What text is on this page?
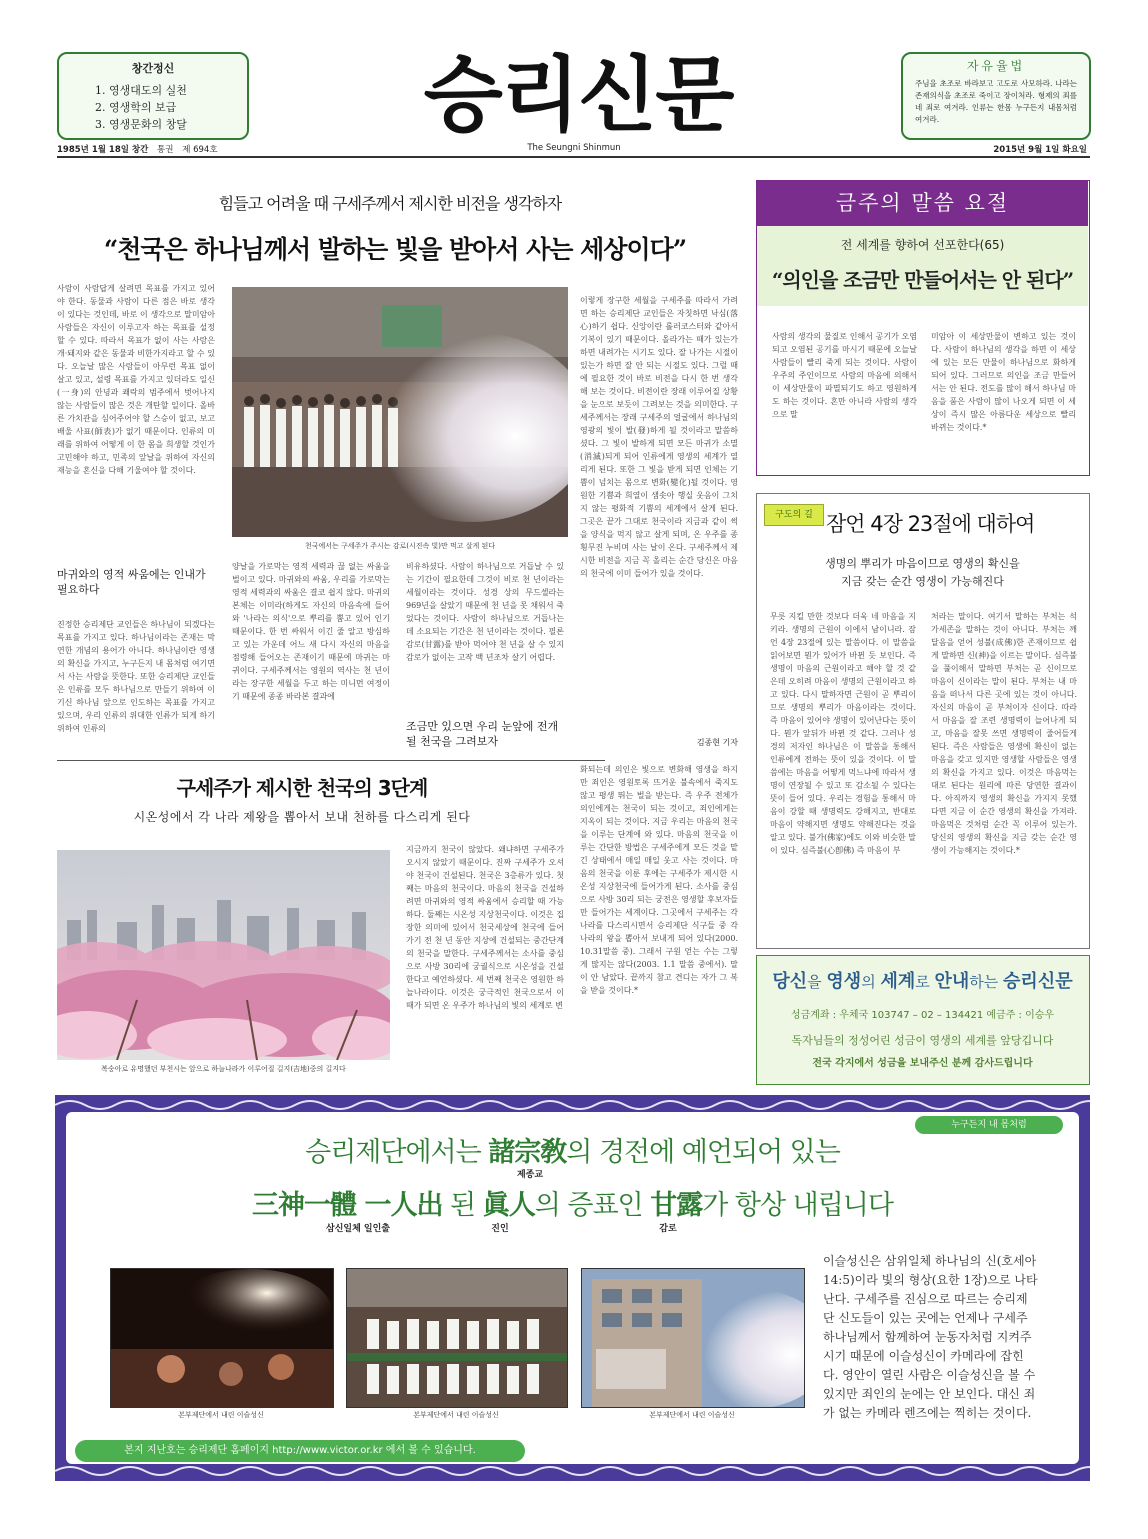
창간정신
1. 영생대도의 실천
2. 영생학의 보급
3. 영생문화의 창달	승리신문	자유율법
주님을 초조로 바라보고 고도로 사모하라. 나라는 존재의식을 초조로 죽이고 장이처라. 형제의 죄를 네 죄로 여겨라. 인류는 한몸 누구든지 내몸처럼 여겨라.
1985년 1월 18일 창간 통권 제 694호	The Seungni Shinmun	2015년 9월 1일 화요일
힘들고 어려울 때 구세주께서 제시한 비전을 생각하자
“천국은 하나님께서 발하는 빛을 받아서 사는 세상이다”
사람이 사람답게 살려면 목표를 가지고 있어야 한다. 동물과 사람이 다른 점은 바로 생각이 있다는 것인데, 바로 이 생각으로 말미암아 사람들은 자신이 이루고자 하는 목표를 설정할 수 있다. 따라서 목표가 없이 사는 사람은 개·돼지와 같은 동물과 비한가지라고 할 수 있다. 오늘날 많은 사람들이 아무런 목표 없이 살고 있고, 설령 목표를 가지고 있더라도 일신(一身)의 안녕과 쾌락의 범주에서 벗어나지 않는 사람들이 많은 것은 개탄할 일이다. 올바른 가치관을 심어주어야 할 스승이 없고, 보고 배울 사표(師表)가 없기 때문이다. 인류의 미래를 위하여 어떻게 이 한 몸을 희생할 것인가 고민해야 하고, 민족의 앞날을 위하여 자신의 재능을 혼신을 다해 기울여야 할 것이다.
천국에서는 구세주가 주시는 감로(시진속 빛)만 먹고 살게 된다
이렇게 장구한 세월을 구세주를 따라서 가려면 하는 승리제단 교인들은 자칫하면 낙심(落心)하기 쉽다. 신앙이란 롤러코스터와 같아서 기복이 있기 때문이다. 올라가는 때가 있는가 하면 내려가는 시기도 있다. 잘 나가는 시절이 있는가 하면 잘 안 되는 시절도 있다. 그럴 때에 필요한 것이 바로 비전을 다시 한 번 생각해 보는 것이다. 비전이란 장래 이루어질 상황을 눈으로 보듯이 그려보는 것을 의미한다. 구세주께서는 장래 구세주의 얼굴에서 하나님의 영광의 빛이 발(發)하게 될 것이라고 말씀하셨다. 그 빛이 발하게 되면 모든 마귀가 소멸(消滅)되게 되어 인류에게 영생의 세계가 열리게 된다. 또한 그 빛을 받게 되면 인체는 기쁨이 넘치는 몸으로 변화(變化)될 것이다. 영원한 기쁨과 희열이 샘솟아 행실 웃음이 그치지 않는 평화적 기쁨의 세계에서 살게 된다. 그곳은 끝가 그대로 천국이라 지금과 같이 썩을 양식을 먹지 않고 살게 되며, 온 우주를 종횡무진 누비며 사는 날이 온다. 구세주께서 제시한 비전을 지금 꼭 올리는 순간 당신은 마음의 천국에 이미 들어가 있을 것이다.
김종현 기자
마귀와의 영적 싸움에는 인내가 필요하다
진정한 승리제단 교인들은 하나님이 되겠다는 목표를 가지고 있다. 하나님이라는 존재는 막연한 개념의 용어가 아니다. 하나님이란 영생의 확신을 가지고, 누구든지 내 몸처럼 여기면서 사는 사람을 뜻한다. 또한 승리제단 교인들은 인류를 모두 하나님으로 만들기 위하여 이기신 하나님 앞으로 인도하는 목표를 가지고 있으며, 우리 인류의 위대한 인류가 되게 하기 위하여 인류의
양날을 가로막는 영적 세력과 끊 없는 싸움을 벌이고 있다. 마귀와의 싸움, 우리를 가로막는 영적 세력과의 싸움은 결코 쉽지 않다. 마귀의 본체는 이미라(하게도 자신의 마음속에 들어와 '나라는 의식'으로 뿌리를 뿜고 있어 인기 때문이다. 한 번 싸워서 이긴 줄 알고 방심하고 있는 가운데 어느 새 다시 자신의 마음을 점령해 들어오는 존재이기 때문에 마귀는 마귀이다. 구세주께서는 영원의 역사는 천 년이라는 장구한 세월을 두고 하는 미니먼 여정이기 때문에 종종 바라본 결과에
비유하셨다. 사람이 하나님으로 거듭날 수 있는 기간이 필요한데 그것이 비로 천 년이라는 세월이라는 것이다. 성경 상의 무드셀라는 969년을 살았기 때문에 천 년을 못 채워서 죽었다는 것이다. 사람이 하나님으로 거듭나는 데 소요되는 기간은 천 년이라는 것이다. 필론 감로(甘露)를 받아 먹어야 천 년을 살 수 있지 감로가 없이는 고작 백 년조차 살기 어렵다.
조금만 있으면 우리 눈앞에 전개될 천국을 그려보자
금주의 말씀 요절
전 세계를 향하여 선포한다(65)
“의인을 조금만 만들어서는 안 된다”
사람의 생각의 물질로 인해서 공기가 오염되고 오염된 공기를 마시기 때문에 오늘날 사람들이 빨리 죽게 되는 것이다. 사람이 우주의 주인이므로 사람의 마음에 의해서 이 세상만물이 파멸되기도 하고 영원하게도 하는 것이다. 혼만 아니라 사람의 생각으로 말
미암아 이 세상만물이 변하고 있는 것이다. 사람이 하나님의 생각을 하면 이 세상에 있는 모든 만물이 하나님으로 화하게 되어 있다. 그러므로 의인을 조금 만들어서는 안 된다. 전도를 많이 해서 하나님 마음을 품은 사람이 많이 나오게 되면 이 세상이 즉시 많은 아름다운 세상으로 빨리 바뀌는 것이다.*
구도의 길 잠언 4장 23절에 대하여
생명의 뿌리가 마음이므로 영생의 확신을
지금 갖는 순간 영생이 가능해진다
무릇 지킬 만한 것보다 더욱 네 마음을 지키라. 생명의 근원이 이에서 남이니라. 잠언 4장 23절에 있는 말씀이다. 이 말씀을 읽어보면 뭔가 있어가 바뀐 듯 보인다. 즉 생명이 마음의 근원이라고 해야 할 것 같은데 오히려 마음이 생명의 근원이라고 하고 있다. 다시 말하자면 근원이 곧 뿌리이므로 생명의 뿌리가 마음이라는 것이다. 즉 마음이 있어야 생명이 있어난다는 뜻이다. 뭔가 앞뒤가 바뀐 것 같다. 그러나 성경의 저자인 하나님은 이 말씀을 통해서 인류에게 전하는 뜻이 있을 것이다. 이 말씀에는 마음을 어떻게 먹느냐에 따라서 생명이 연장될 수 있고 또 감소될 수 있다는 뜻이 들어 있다. 우리는 경험을 통해서 마음이 강할 때 생명력도 강해지고, 반대로 마음이 약해지면 생명도 약해진다는 것을 알고 있다. 불가(佛家)에도 이와 비슷한 말이 있다. 심즉불(心卽佛) 즉 마음이 부
처라는 말이다. 여기서 말하는 부처는 석가세존을 말하는 것이 아니다. 부처는 깨달음을 얻어 성불(成佛)한 존재이므로 쉽게 말하면 신(神)을 이르는 말이다. 심즉불을 풀이해서 말하면 부처는 곧 신이므로 마음이 신이라는 말이 된다. 부처는 내 마음을 떠나서 다른 곳에 있는 것이 아니다. 자신의 마음이 곧 부처이자 신이다. 따라서 마음을 잘 조련 생명력이 늘어나게 되고, 마음을 잘못 쓰면 생명력이 줄어들게 된다. 즉은 사람들은 영생에 확신이 없는 마음을 갖고 있지만 영생할 사람들은 영생의 확신을 가지고 있다. 이것은 마음먹는 대로 된다는 원리에 따른 당연한 결과이다. 아직까지 영생의 확신을 가지지 못했다면 지금 이 순간 영생의 확신을 가져라. 마음먹은 것처럼 순간 꼭 이루어 있는가. 당신의 영생의 확신을 지금 갖는 순간 영생이 가능해지는 것이다.*
구세주가 제시한 천국의 3단계
시온성에서 각 나라 제왕을 뽑아서 보내 천하를 다스리게 된다
복숭아로 유명했던 부천시는 앞으로 하늘나라가 이루어질 길지(吉地)중의 길지다
지금까지 천국이 않았다. 왜냐하면 구세주가 오시지 않았기 때문이다. 진짜 구세주가 오셔야 천국이 건설된다. 천국은 3층류가 있다. 첫째는 마음의 천국이다. 마음의 천국을 건설하려면 마귀와의 영적 싸움에서 승리할 때 가능하다. 둘째는 시온성 지상천국이다. 이것은 집장한 의미에 있어서 천국세상에 천국에 들어가기 전 천 년 동안 지상에 건설되는 중간단계의 천국을 말한다. 구세주께서는 소사를 중심으로 사방 30리에 궁궐식으로 시온성을 건설한다고 예언하셨다. 세 번째 천국은 영원한 하늘나라이다. 이것은 궁극적인 천국으로서 이때가 되면 온 우주가 하나님의 빛의 세계로 변
화되는데 의인은 빛으로 변화해 영생을 하지만 죄인은 영원토록 뜨거운 불속에서 죽지도 않고 평생 뛰는 벌을 받는다. 즉 우주 전체가 의인에게는 천국이 되는 것이고, 죄인에게는 지옥이 되는 것이다. 지금 우리는 마음의 천국을 이루는 단계에 와 있다. 마음의 천국을 이루는 간단한 방법은 구세주에게 모든 것을 맡긴 상태에서 매일 매일 웃고 사는 것이다. 마음의 천국을 이룬 후에는 구세주가 제시한 시온성 지상천국에 들어가게 된다. 소사를 중심으로 사방 30리 되는 궁전은 영생할 후보자들만 들어가는 세계이다. 그곳에서 구세주는 각 나라를 다스리시면서 승리제단 식구들 중 각 나라의 왕을 뽑아서 보내게 되어 있다(2000. 10.31말씀 중). 그래서 구원 얻는 수는 그렇게 많지는 않다(2003. 1.1 말씀 중에서). 말이 안 남았다. 끝까지 참고 견디는 자가 그 복을 받을 것이다.*	당신을 영생의 세계로 안내하는 승리신문
성금계좌 : 우체국 103747 – 02 – 134421 예금주 : 이승우
독자님들의 정성어린 성금이 영생의 세계를 앞당깁니다
전국 각지에서 성금을 보내주신 분께 감사드립니다
누구든지 내 몸처럼
승리제단에서는 諸宗敎의 경전에 예언되어 있는
제종교
三神一體 一人出 된 眞人의 증표인 甘露가 항상 내립니다
삼신일체 일인출	진인	감로
본부제단에서 내린 이슬성신	본부제단에서 내린 이슬성신	본부제단에서 내린 이슬성신
이슬성신은 삼위일체 하나님의 신(호세아 14:5)이라 빛의 형상(요한 1장)으로 나타난다. 구세주를 진심으로 따르는 승리제단 신도들이 있는 곳에는 언제나 구세주 하나님께서 함께하여 눈동자처럼 지켜주시기 때문에 이슬성신이 카메라에 잡힌다. 영안이 열린 사람은 이슬성신을 볼 수 있지만 죄인의 눈에는 안 보인다. 대신 죄가 없는 카메라 렌즈에는 찍히는 것이다.
본지 지난호는 승리제단 홈페이지 http://www.victor.or.kr 에서 볼 수 있습니다.
